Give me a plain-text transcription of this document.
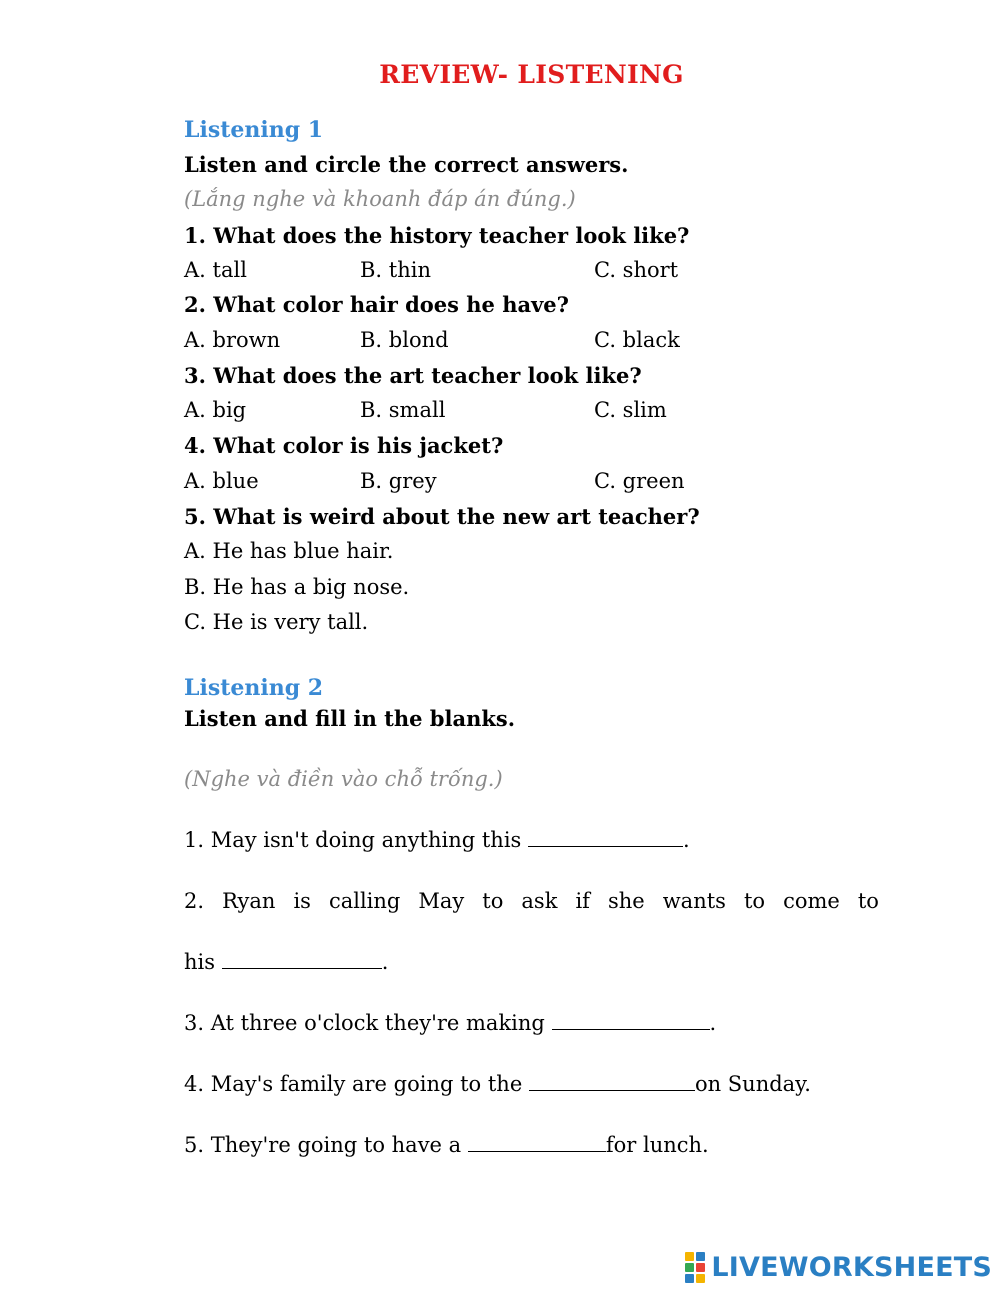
REVIEW- LISTENING
Listening 1
Listen and circle the correct answers.
(Lắng nghe và khoanh đáp án đúng.)
1. What does the history teacher look like?
A. tall	B. thin	C. short
2. What color hair does he have?
A. brown	B. blond	C. black
3. What does the art teacher look like?
A. big	B. small	C. slim
4. What color is his jacket?
A. blue	B. grey	C. green
5. What is weird about the new art teacher?
A. He has blue hair.
B. He has a big nose.
C. He is very tall.
Listening 2
Listen and fill in the blanks.
(Nghe và điền vào chỗ trống.)
1. May isn't doing anything this	.
2. Ryan is calling May to ask if she wants to come to
his	.
3. At three o'clock they're making	.
4. May's family are going to the	on Sunday.
5. They're going to have a	for lunch.
LIVEWORKSHEETS
